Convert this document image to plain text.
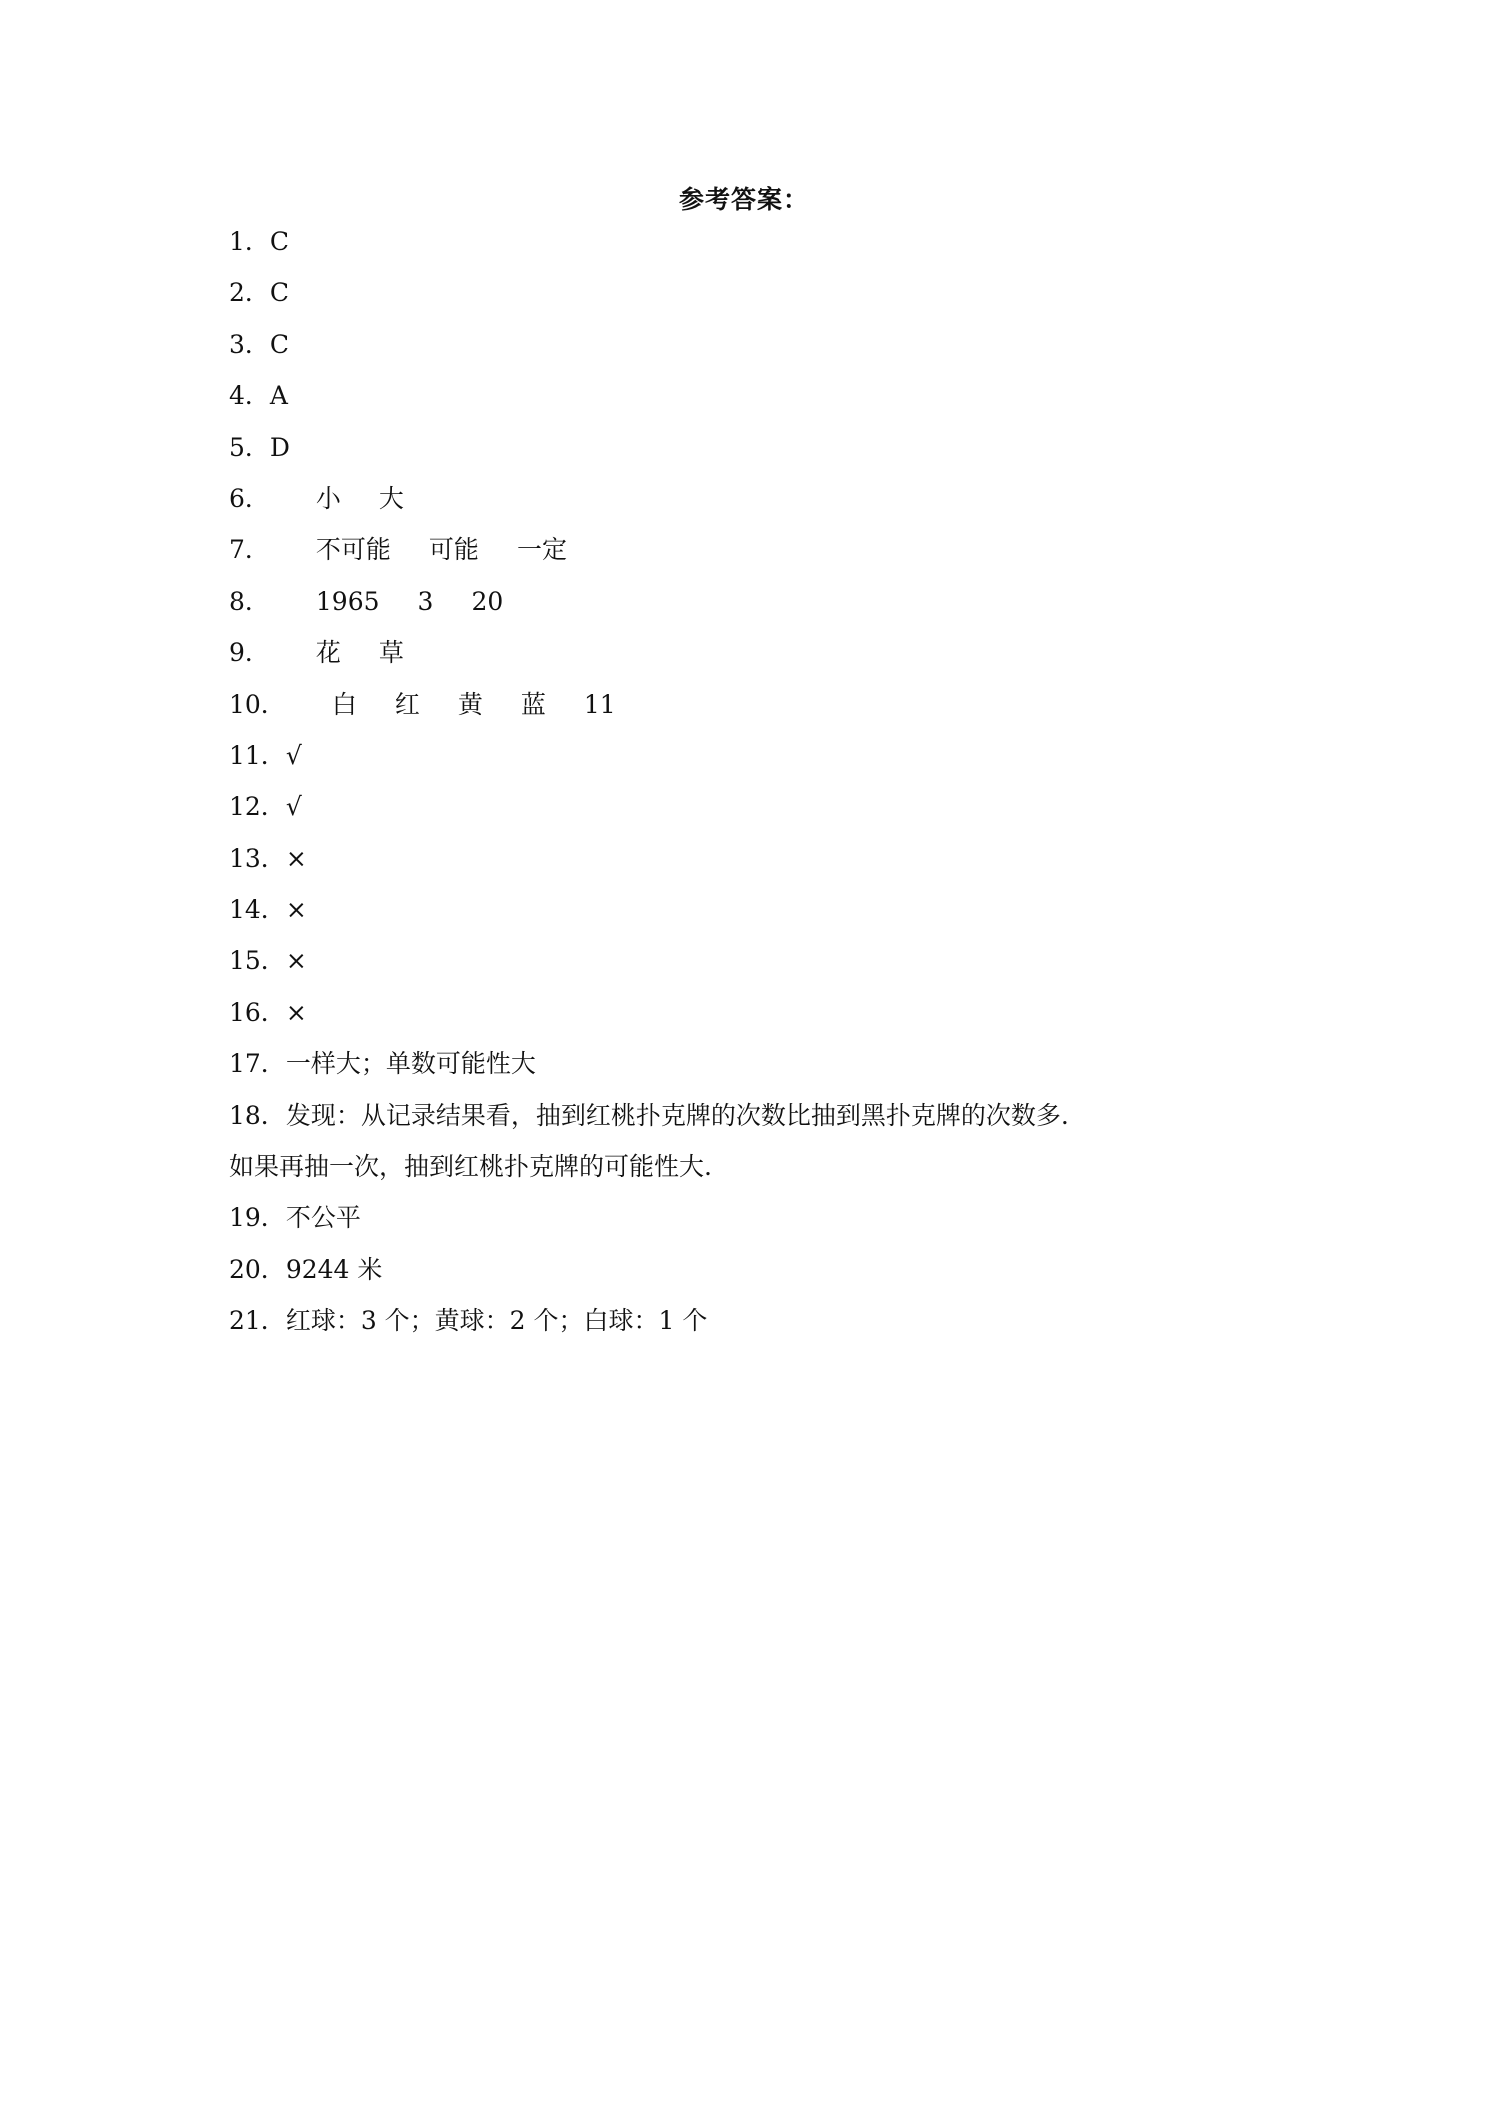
参考答案：
1．C
2．C
3．C
4．A
5．D
6． 小 大
7． 不可能 可能 一定
8． 1965 3 20
9． 花 草
10． 白 红 黄 蓝 11
11．√
12．√
13．×
14．×
15．×
16．×
17．一样大；单数可能性大
18．发现：从记录结果看，抽到红桃扑克牌的次数比抽到黑扑克牌的次数多.
如果再抽一次，抽到红桃扑克牌的可能性大.
19．不公平
20．9244 米
21．红球：3 个；黄球：2 个；白球：1 个
